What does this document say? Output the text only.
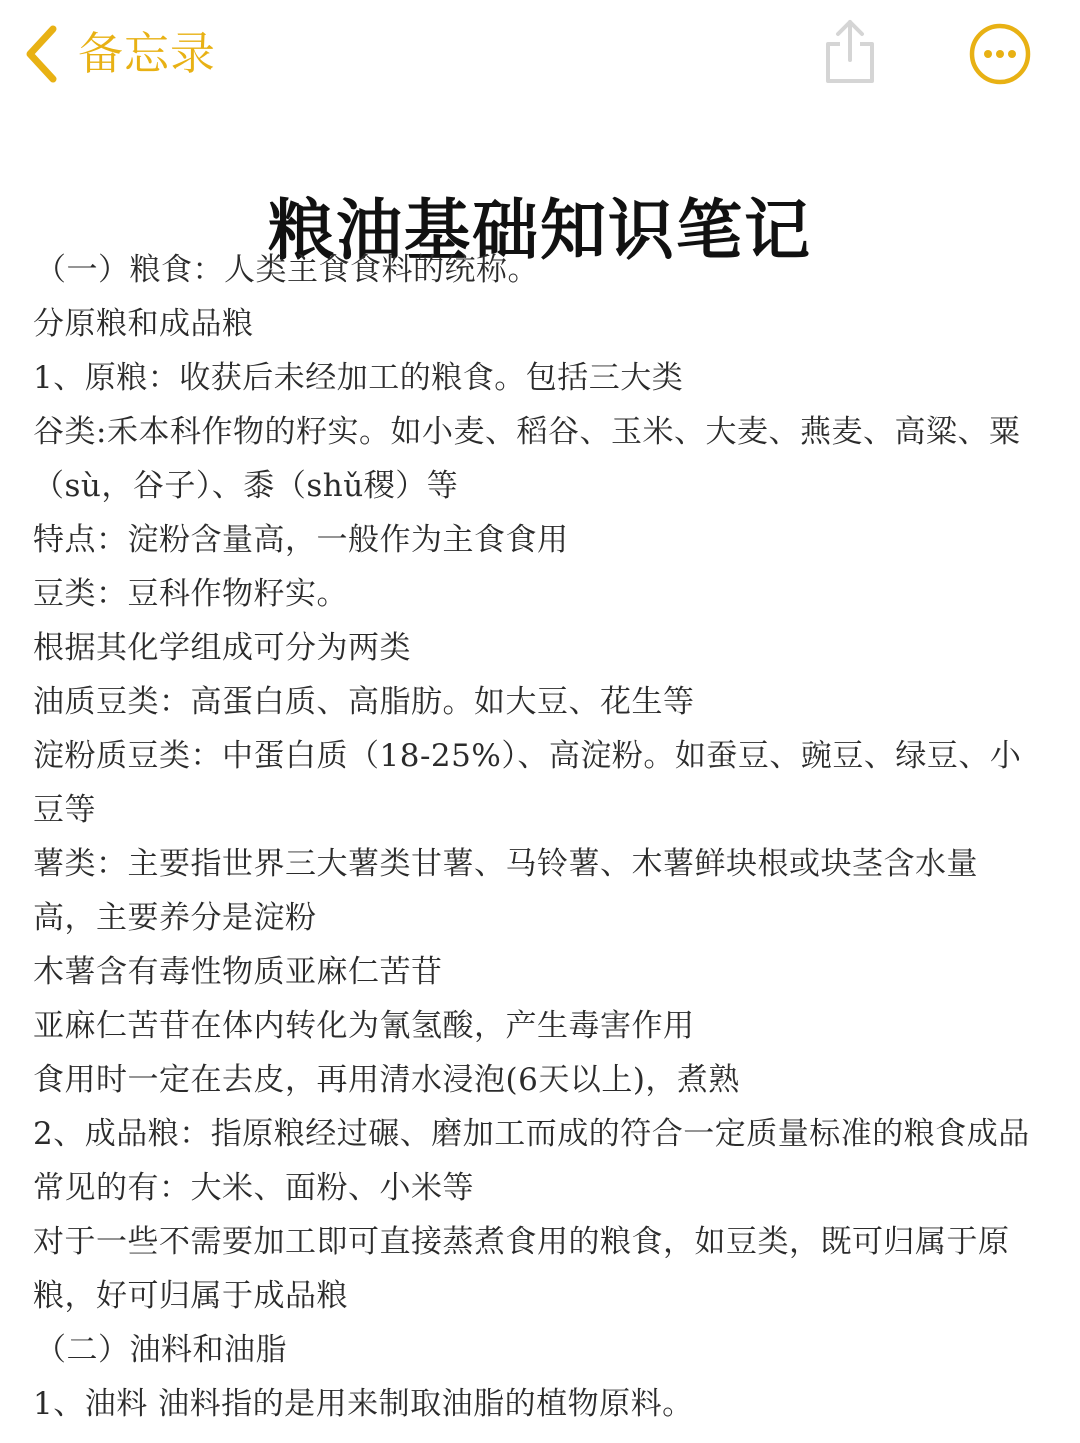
备忘录
粮油基础知识笔记
（一）粮食：人类主食食料的统称。
分原粮和成品粮
1、原粮：收获后未经加工的粮食。包括三大类
谷类:禾本科作物的籽实。如小麦、稻谷、玉米、大麦、燕麦、高粱、粟
（sù，谷子）、黍（shǔ稷）等
特点：淀粉含量高，一般作为主食食用
豆类：豆科作物籽实。
根据其化学组成可分为两类
油质豆类：高蛋白质、高脂肪。如大豆、花生等
淀粉质豆类：中蛋白质（18-25%）、高淀粉。如蚕豆、豌豆、绿豆、小
豆等
薯类：主要指世界三大薯类甘薯、马铃薯、木薯鲜块根或块茎含水量
高，主要养分是淀粉
木薯含有毒性物质亚麻仁苦苷
亚麻仁苦苷在体内转化为氰氢酸，产生毒害作用
食用时一定在去皮，再用清水浸泡(6天以上)，煮熟
2、成品粮：指原粮经过碾、磨加工而成的符合一定质量标准的粮食成品
常见的有：大米、面粉、小米等
对于一些不需要加工即可直接蒸煮食用的粮食，如豆类，既可归属于原
粮，好可归属于成品粮
（二）油料和油脂
1、油料 油料指的是用来制取油脂的植物原料。
